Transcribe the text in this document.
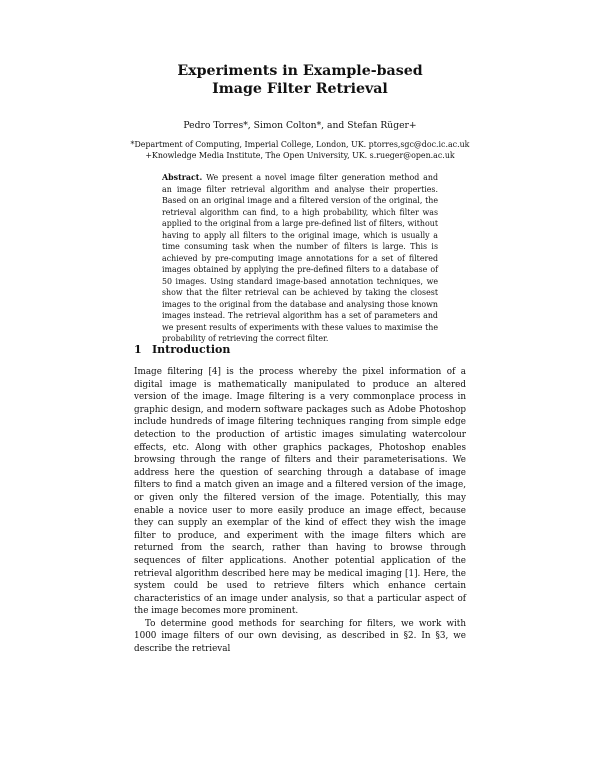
Experiments in Example-based
Image Filter Retrieval
Pedro Torres*, Simon Colton*, and Stefan Rüger+
*Department of Computing, Imperial College, London, UK. ptorres,sgc@doc.ic.ac.uk
+Knowledge Media Institute, The Open University, UK. s.rueger@open.ac.uk
Abstract. We present a novel image filter generation method and an image filter retrieval algorithm and analyse their properties. Based on an original image and a filtered version of the original, the retrieval algorithm can find, to a high probability, which filter was applied to the original from a large pre-defined list of filters, without having to apply all filters to the original image, which is usually a time consuming task when the number of filters is large. This is achieved by pre-computing image annotations for a set of filtered images obtained by applying the pre-defined filters to a database of 50 images. Using standard image-based annotation techniques, we show that the filter retrieval can be achieved by taking the closest images to the original from the database and analysing those known images instead. The retrieval algorithm has a set of parameters and we present results of experiments with these values to maximise the probability of retrieving the correct filter.
1 Introduction

Image filtering [4] is the process whereby the pixel information of a digital image is mathematically manipulated to produce an altered version of the image. Image filtering is a very commonplace process in graphic design, and modern software packages such as Adobe Photoshop include hundreds of image filtering techniques ranging from simple edge detection to the production of artistic images simulating watercolour effects, etc. Along with other graphics packages, Photoshop enables browsing through the range of filters and their parameterisations. We address here the question of searching through a database of image filters to find a match given an image and a filtered version of the image, or given only the filtered version of the image. Potentially, this may enable a novice user to more easily produce an image effect, because they can supply an exemplar of the kind of effect they wish the image filter to produce, and experiment with the image filters which are returned from the search, rather than having to browse through sequences of filter applications. Another potential application of the retrieval algorithm described here may be medical imaging [1]. Here, the system could be used to retrieve filters which enhance certain characteristics of an image under analysis, so that a particular aspect of the image becomes more prominent.

To determine good methods for searching for filters, we work with 1000 image filters of our own devising, as described in §2. In §3, we describe the retrieval
